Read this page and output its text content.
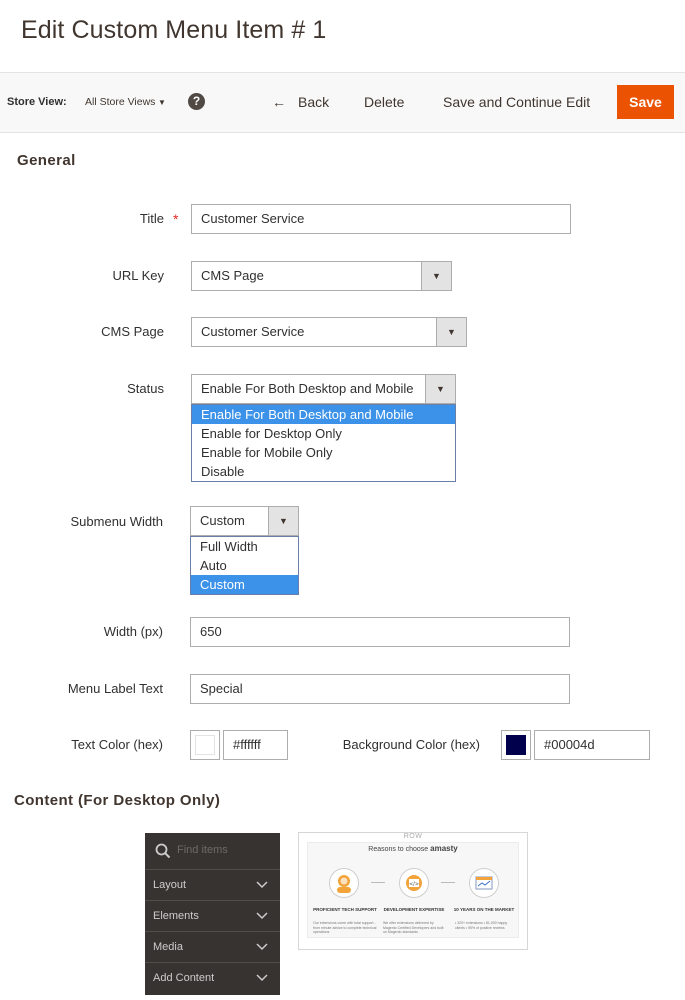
Edit Custom Menu Item # 1
Store View: All Store Views ▼	?	← Back Delete	Save and Continue Edit	Save
General
Title *	Customer Service
URL Key	CMS Page	▼
CMS Page	Customer Service	▼
Status	Enable For Both Desktop and Mobile	▼
Enable For Both Desktop and Mobile
Enable for Desktop Only
Enable for Mobile Only
Disable
Submenu Width	Custom	▼
Full Width
Auto
Custom
Width (px)	650
Menu Label Text	Special
Text Color (hex)	#ffffff	Background Color (hex)	#00004d
Content (For Desktop Only)
Find items
Layout
Elements
Media
Add Content
ROW
Reasons to choose amasty
</>
PROFICIENT TECH SUPPORT	DEVELOPMENT EXPERTISE	10 YEARS ON THE MARKET
Our extensions come with total support - from minute advice to complete technical operations
We offer extensions delivered by Magento Certified Developers and built on Magento standards
• 320+ extensions • 81,000 happy clients • 95% of positive reviews
